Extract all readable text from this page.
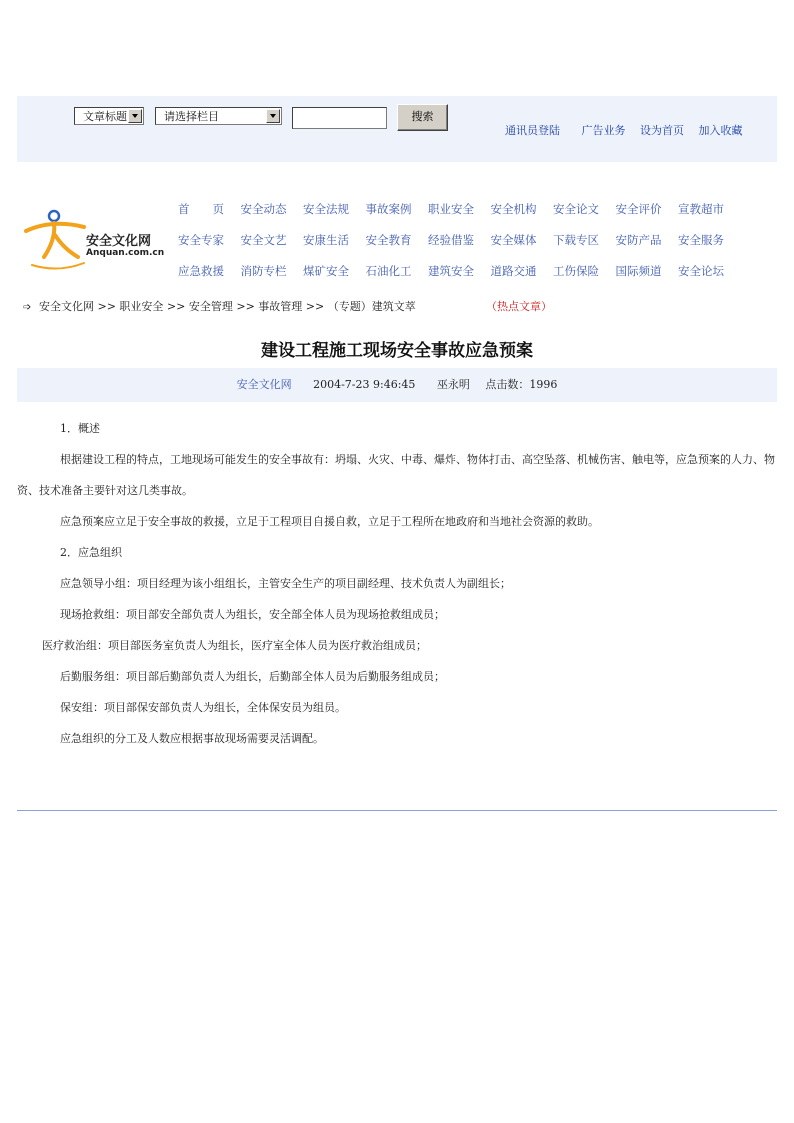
文章标题	请选择栏目	搜索
通讯员登陆 广告业务 设为首页 加入收藏
安全文化网
Anquan.com.cn
首　　页 安全动态 安全法规 事故案例 职业安全 安全机构 安全论文 安全评价 宣教超市
安全专家 安全文艺 安康生活 安全教育 经验借鉴 安全媒体 下载专区 安防产品 安全服务
应急救援 消防专栏 煤矿安全 石油化工 建筑安全 道路交通 工伤保险 国际频道 安全论坛
➩ 安全文化网 >> 职业安全 >> 安全管理 >> 事故管理 >> （专题）建筑文萃	（热点文章）
建设工程施工现场安全事故应急预案
安全文化网 2004-7-23 9:46:45 巫永明 点击数：1996
1．概述
根据建设工程的特点，工地现场可能发生的安全事故有：坍塌、火灾、中毒、爆炸、物体打击、高空坠落、机械伤害、触电等，应急预案的人力、物资、技术准备主要针对这几类事故。
应急预案应立足于安全事故的救援，立足于工程项目自援自救，立足于工程所在地政府和当地社会资源的救助。
2．应急组织
应急领导小组：项目经理为该小组组长，主管安全生产的项目副经理、技术负责人为副组长；
现场抢救组：项目部安全部负责人为组长，安全部全体人员为现场抢救组成员；
医疗救治组：项目部医务室负责人为组长，医疗室全体人员为医疗救治组成员；
后勤服务组：项目部后勤部负责人为组长，后勤部全体人员为后勤服务组成员；
保安组：项目部保安部负责人为组长，全体保安员为组员。
应急组织的分工及人数应根据事故现场需要灵活调配。
